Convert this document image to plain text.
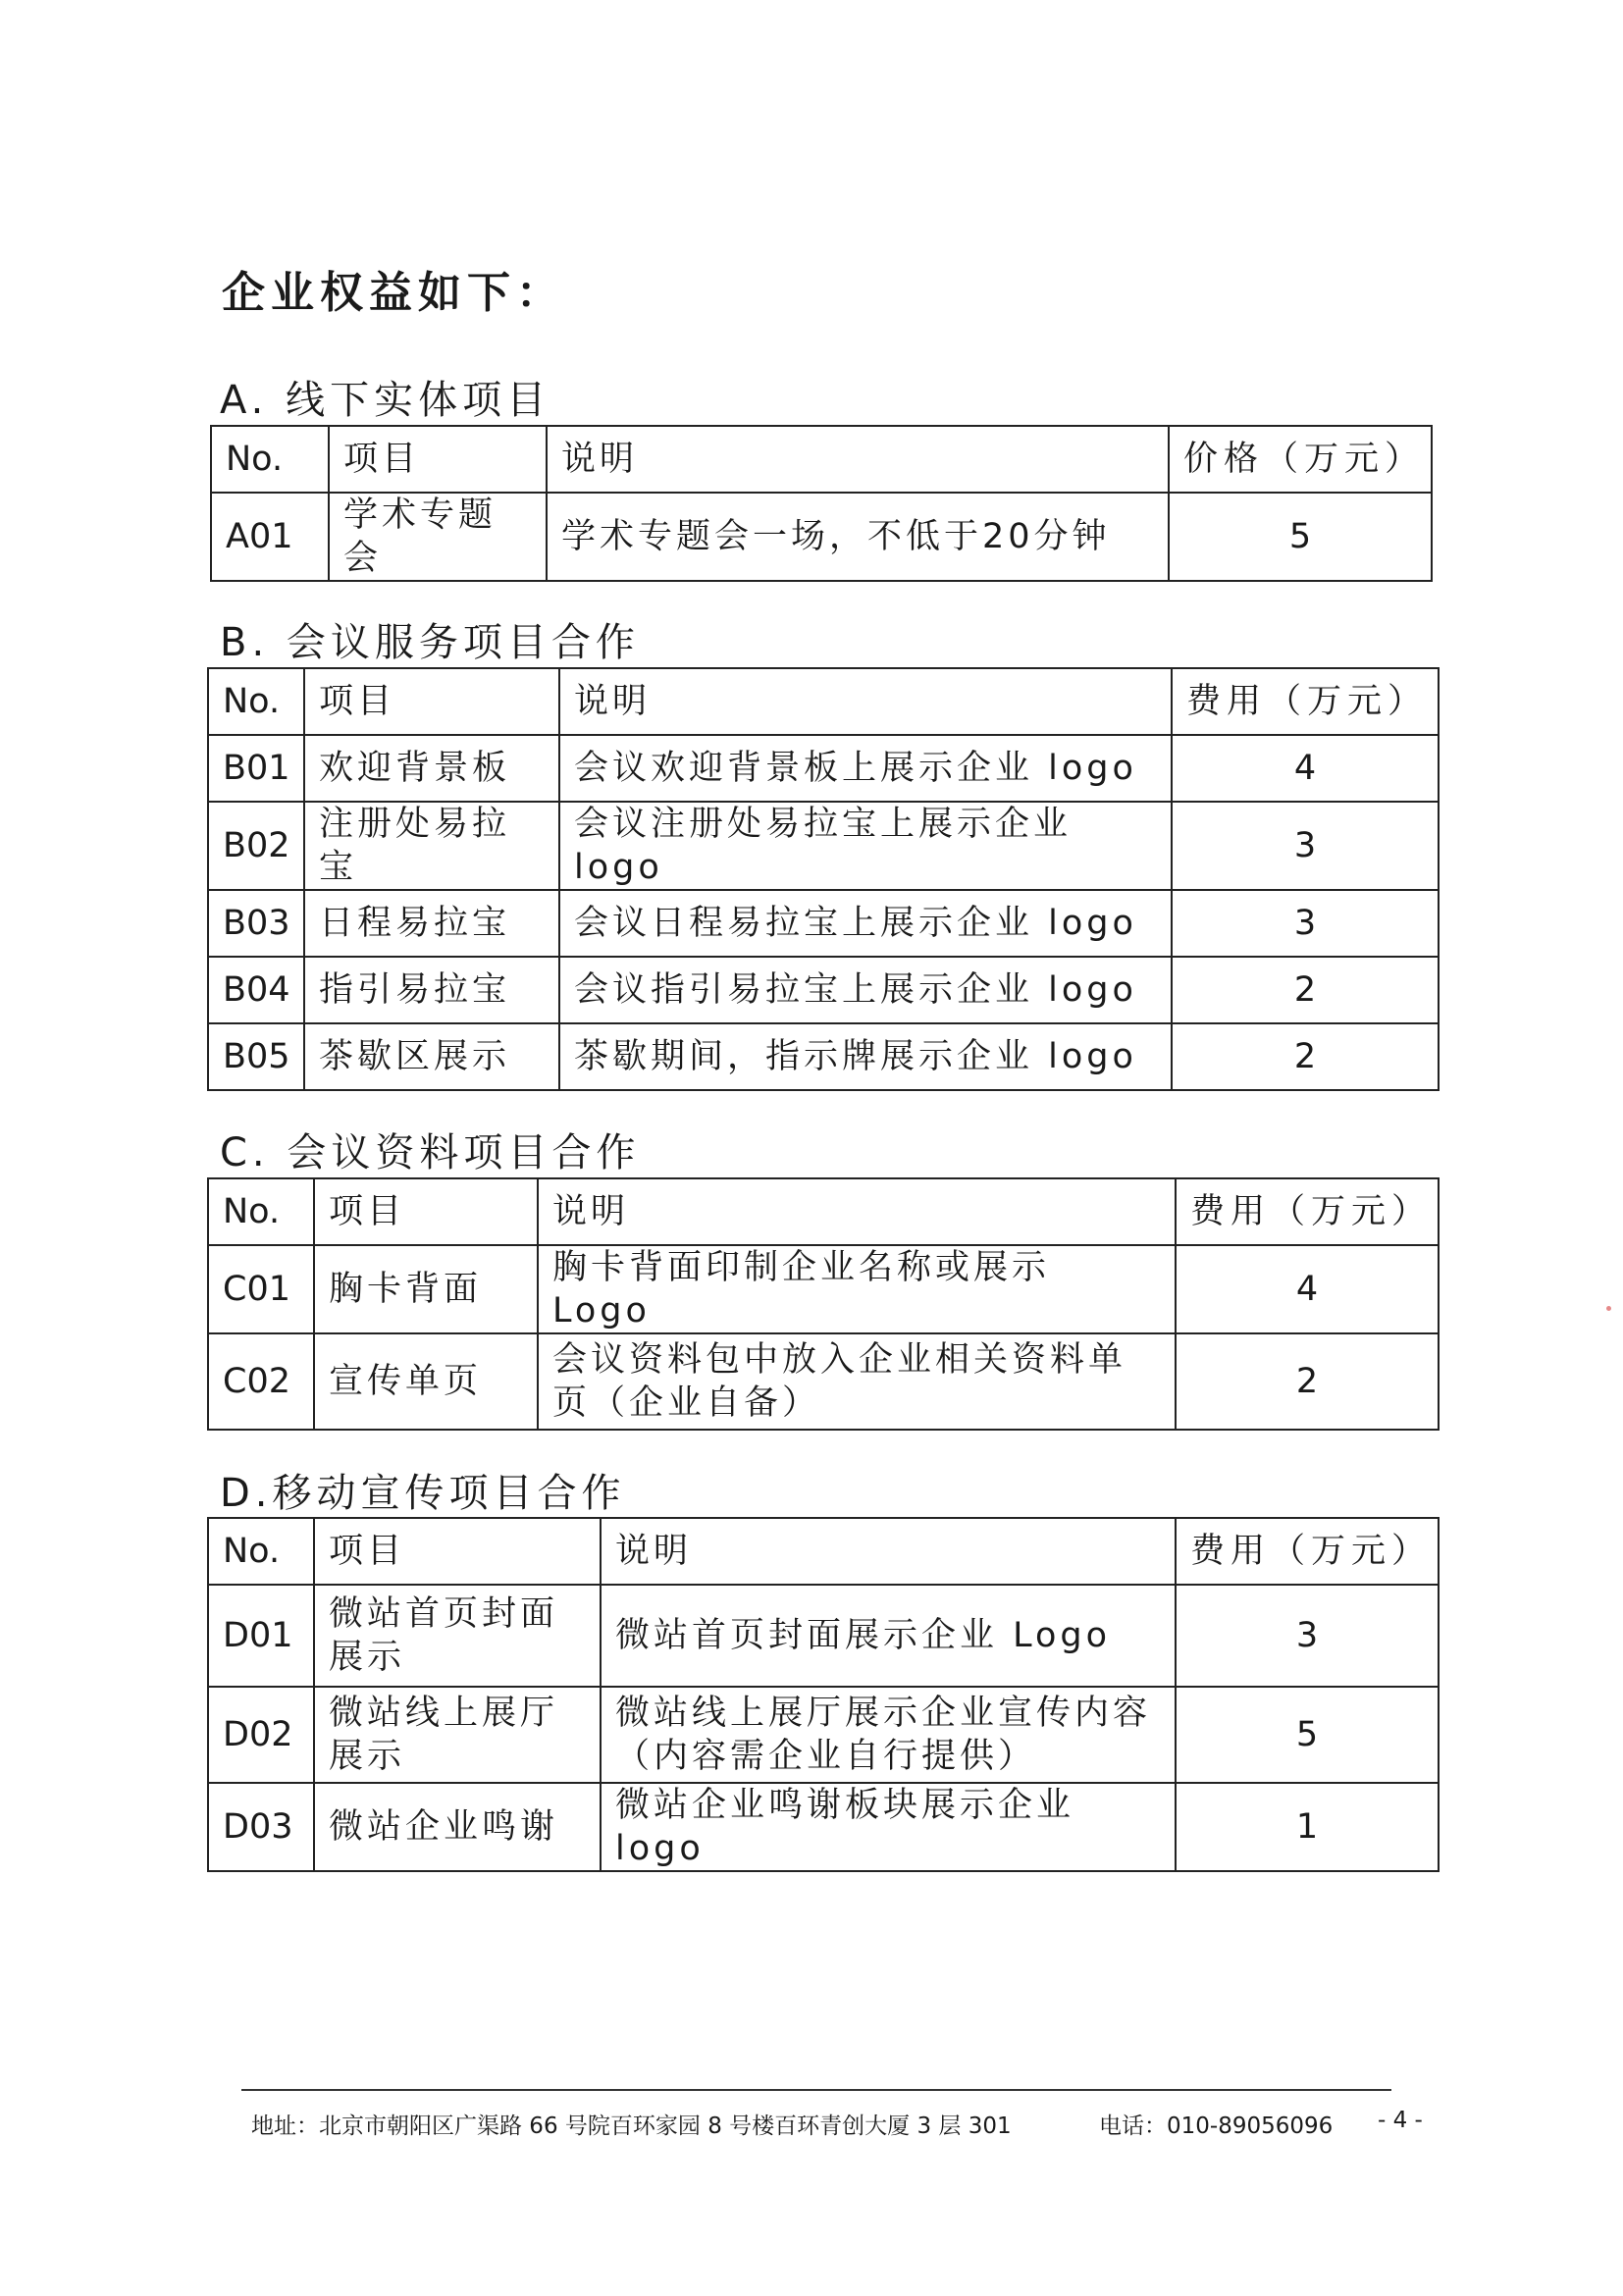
企业权益如下：
A. 线下实体项目
No.	项目	说明	价格（万元）
A01	学术专题会	学术专题会一场，不低于20分钟	5
B. 会议服务项目合作
No.	项目	说明	费用（万元）
B01	欢迎背景板	会议欢迎背景板上展示企业 logo	4
B02	注册处易拉宝	会议注册处易拉宝上展示企业 logo	3
B03	日程易拉宝	会议日程易拉宝上展示企业 logo	3
B04	指引易拉宝	会议指引易拉宝上展示企业 logo	2
B05	茶歇区展示	茶歇期间，指示牌展示企业 logo	2
C. 会议资料项目合作
No.	项目	说明	费用（万元）
C01	胸卡背面	胸卡背面印制企业名称或展示 Logo	4
C02	宣传单页	会议资料包中放入企业相关资料单页（企业自备）	2
D.移动宣传项目合作
No.	项目	说明	费用（万元）
D01	微站首页封面展示	微站首页封面展示企业 Logo	3
D02	微站线上展厅展示	微站线上展厅展示企业宣传内容（内容需企业自行提供）	5
D03	微站企业鸣谢	微站企业鸣谢板块展示企业 logo	1
地址：北京市朝阳区广渠路 66 号院百环家园 8 号楼百环青创大厦 3 层 301	电话：010-89056096 - 4 -
